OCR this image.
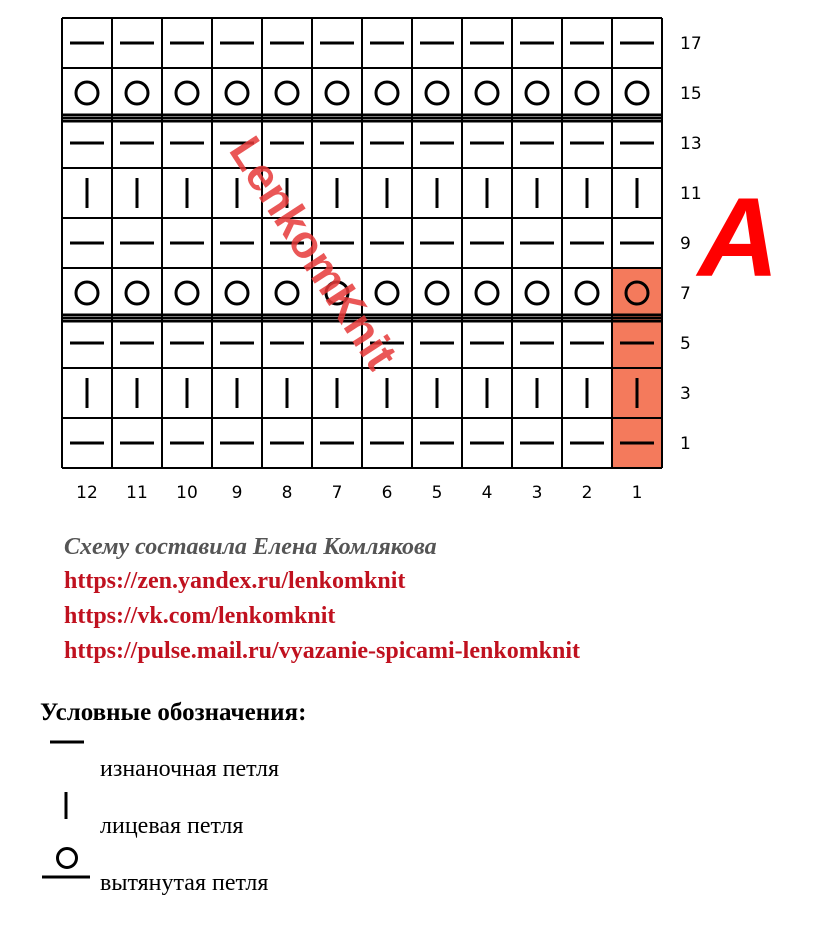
17
15
13
11
9
7
5
3
1
12 11 10 9 8 7 6 5 4 3 2 1
LenkomKnit	A
Схему составила Елена Комлякова
https://zen.yandex.ru/lenkomknit
https://vk.com/lenkomknit
https://pulse.mail.ru/vyazanie-spicami-lenkomknit
Условные обозначения:
изнаночная петля
лицевая петля
вытянутая петля
